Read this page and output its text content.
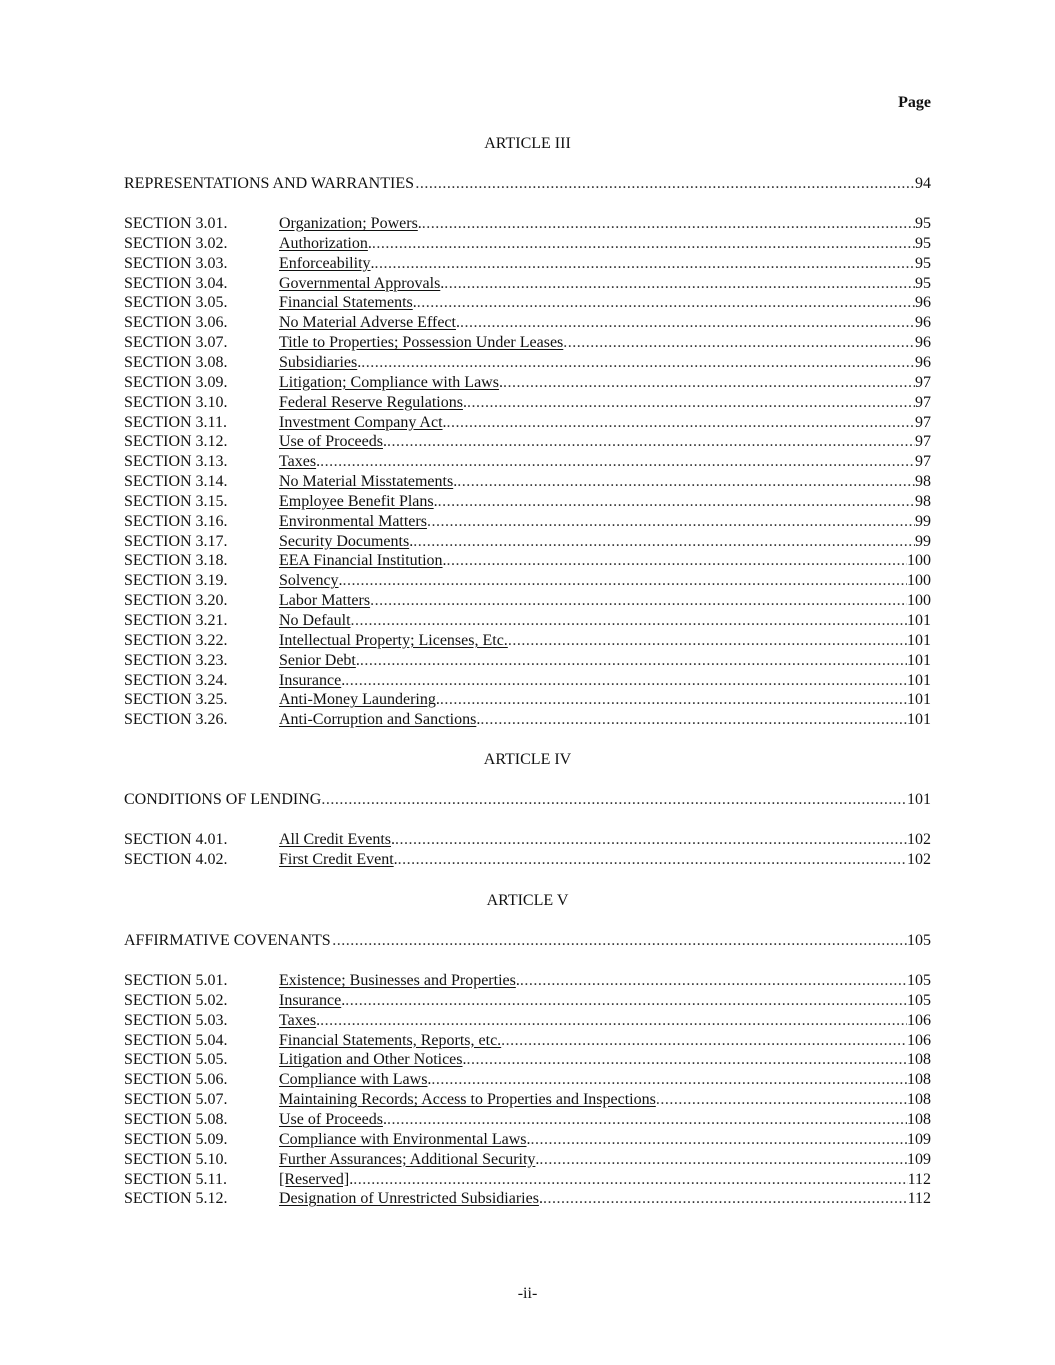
Page
ARTICLE III
REPRESENTATIONS AND WARRANTIES .....	94
SECTION 3.01.	Organization; Powers . .....	95
SECTION 3.02.	Authorization . .....	95
SECTION 3.03.	Enforceability . .....	95
SECTION 3.04.	Governmental Approvals . .....	95
SECTION 3.05.	Financial Statements . .....	96
SECTION 3.06.	No Material Adverse Effect . .....	96
SECTION 3.07.	Title to Properties; Possession Under Leases .....	96
SECTION 3.08.	Subsidiaries . .....	96
SECTION 3.09.	Litigation; Compliance with Laws . .....	97
SECTION 3.10.	Federal Reserve Regulations . .....	97
SECTION 3.11.	Investment Company Act . .....	97
SECTION 3.12.	Use of Proceeds . .....	97
SECTION 3.13.	Taxes . .....	97
SECTION 3.14.	No Material Misstatements . .....	98
SECTION 3.15.	Employee Benefit Plans . .....	98
SECTION 3.16.	Environmental Matters .....	99
SECTION 3.17.	Security Documents . .....	99
SECTION 3.18.	EEA Financial Institution . .....	100
SECTION 3.19.	Solvency . .....	100
SECTION 3.20.	Labor Matters .....	100
SECTION 3.21.	No Default .....	101
SECTION 3.22.	Intellectual Property; Licenses, Etc. .....	101
SECTION 3.23.	Senior Debt . .....	101
SECTION 3.24.	Insurance . .....	101
SECTION 3.25.	Anti-Money Laundering . .....	101
SECTION 3.26.	Anti-Corruption and Sanctions . .....	101
ARTICLE IV
CONDITIONS OF LENDING .....	101
SECTION 4.01.	All Credit Events . .....	102
SECTION 4.02.	First Credit Event . .....	102
ARTICLE V
AFFIRMATIVE COVENANTS .....	105
SECTION 5.01.	Existence; Businesses and Properties . .....	105
SECTION 5.02.	Insurance . .....	105
SECTION 5.03.	Taxes . .....	106
SECTION 5.04.	Financial Statements, Reports, etc. .....	106
SECTION 5.05.	Litigation and Other Notices . .....	108
SECTION 5.06.	Compliance with Laws . .....	108
SECTION 5.07.	Maintaining Records; Access to Properties and Inspections .....	108
SECTION 5.08.	Use of Proceeds . .....	108
SECTION 5.09.	Compliance with Environmental Laws . .....	109
SECTION 5.10.	Further Assurances; Additional Security . .....	109
SECTION 5.11.	[Reserved] . .....	112
SECTION 5.12.	Designation of Unrestricted Subsidiaries . .....	112
-ii-
